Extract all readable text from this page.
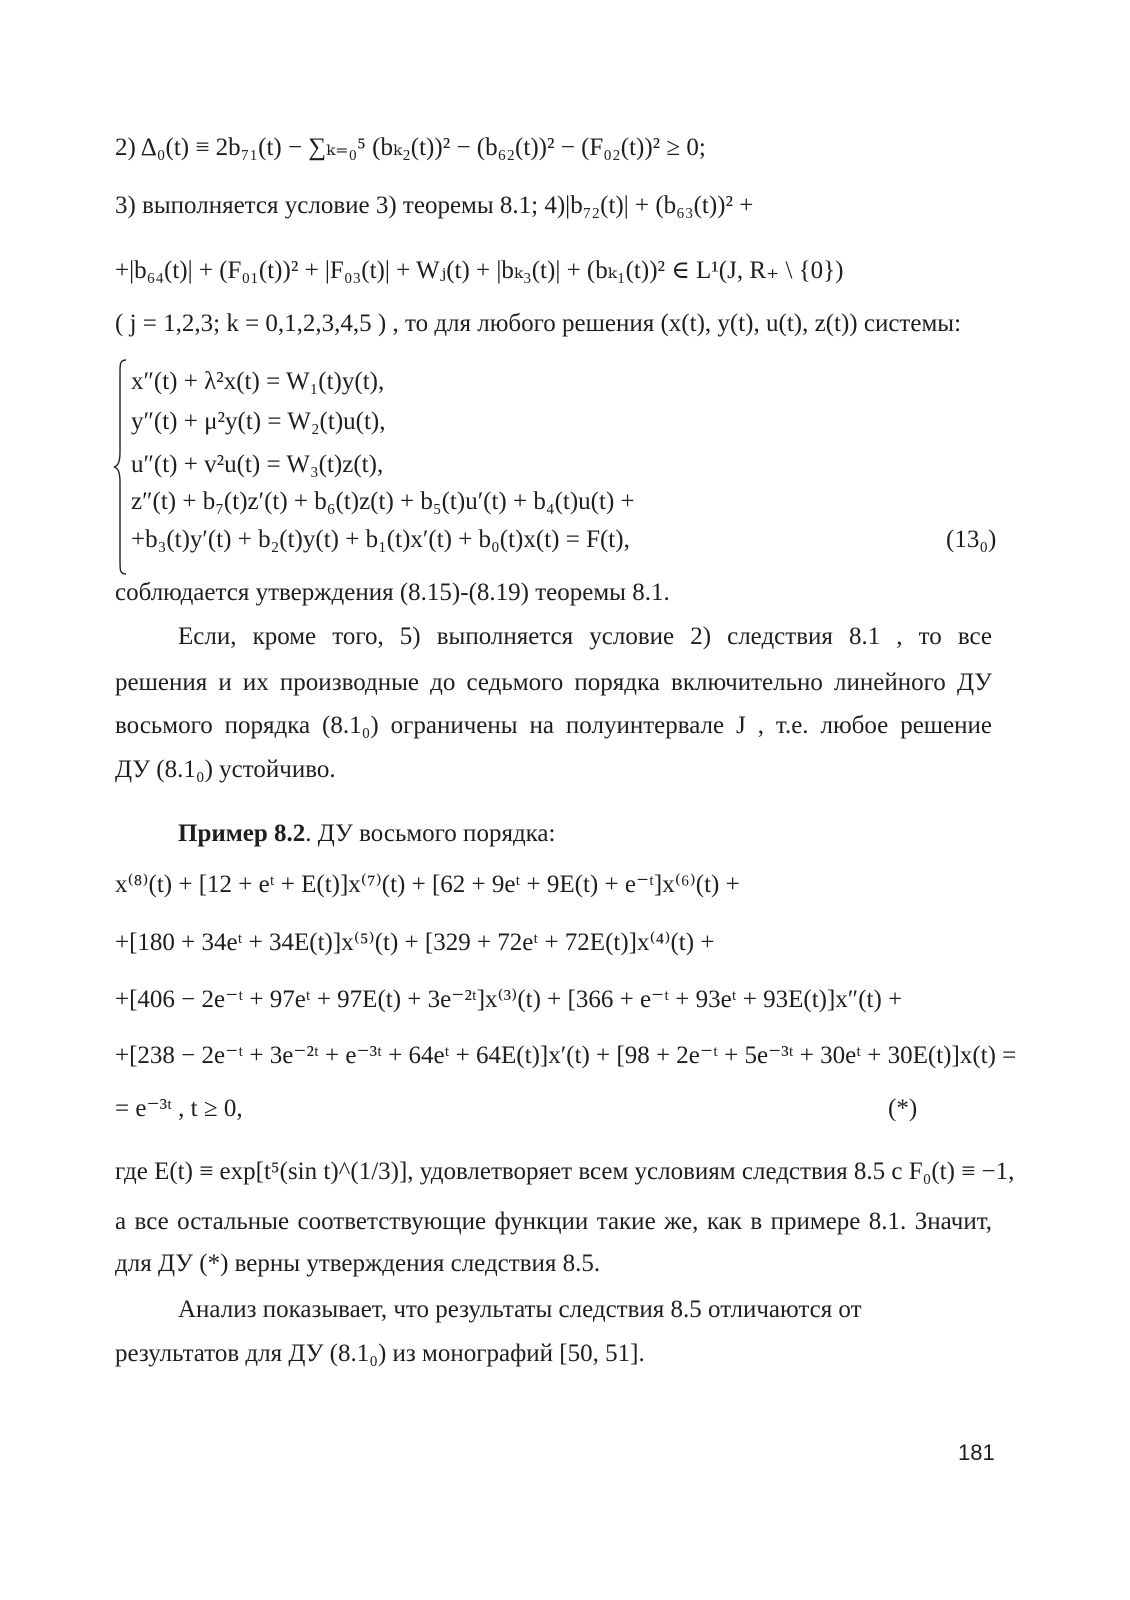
2) Δ₀(t) ≡ 2b₇₁(t) − ∑ₖ₌₀⁵ (bₖ₂(t))² − (b₆₂(t))² − (F₀₂(t))² ≥ 0;
3) выполняется условие 3) теоремы 8.1; 4)|b₇₂(t)| + (b₆₃(t))² +
+|b₆₄(t)| + (F₀₁(t))² + |F₀₃(t)| + Wⱼ(t) + |bₖ₃(t)| + (bₖ₁(t))² ∈ L¹(J, R₊ \ {0})
( j = 1,2,3; k = 0,1,2,3,4,5 ) , то для любого решения (x(t), y(t), u(t), z(t)) системы:
x″(t) + λ²x(t) = W₁(t)y(t),
y″(t) + μ²y(t) = W₂(t)u(t),
u″(t) + v²u(t) = W₃(t)z(t),
z″(t) + b₇(t)z′(t) + b₆(t)z(t) + b₅(t)u′(t) + b₄(t)u(t) +
+b₃(t)y′(t) + b₂(t)y(t) + b₁(t)x′(t) + b₀(t)x(t) = F(t),	(13₀)
соблюдается утверждения (8.15)-(8.19) теоремы 8.1.
Если, кроме того, 5) выполняется условие 2) следствия 8.1 , то все
решения и их производные до седьмого порядка включительно линейного ДУ
восьмого порядка (8.1₀) ограничены на полуинтервале J , т.е. любое решение
ДУ (8.1₀) устойчиво.
Пример 8.2. ДУ восьмого порядка:
x⁽⁸⁾(t) + [12 + eᵗ + E(t)]x⁽⁷⁾(t) + [62 + 9eᵗ + 9E(t) + e⁻ᵗ]x⁽⁶⁾(t) +
+[180 + 34eᵗ + 34E(t)]x⁽⁵⁾(t) + [329 + 72eᵗ + 72E(t)]x⁽⁴⁾(t) +
+[406 − 2e⁻ᵗ + 97eᵗ + 97E(t) + 3e⁻²ᵗ]x⁽³⁾(t) + [366 + e⁻ᵗ + 93eᵗ + 93E(t)]x″(t) +
+[238 − 2e⁻ᵗ + 3e⁻²ᵗ + e⁻³ᵗ + 64eᵗ + 64E(t)]x′(t) + [98 + 2e⁻ᵗ + 5e⁻³ᵗ + 30eᵗ + 30E(t)]x(t) =
= e⁻³ᵗ , t ≥ 0,	(*)
где E(t) ≡ exp[t⁵(sin t)^(1/3)], удовлетворяет всем условиям следствия 8.5 с F₀(t) ≡ −1,
а все остальные соответствующие функции такие же, как в примере 8.1. Значит,
для ДУ (*) верны утверждения следствия 8.5.
Анализ показывает, что результаты следствия 8.5 отличаются от
результатов для ДУ (8.1₀) из монографий [50, 51].
181
